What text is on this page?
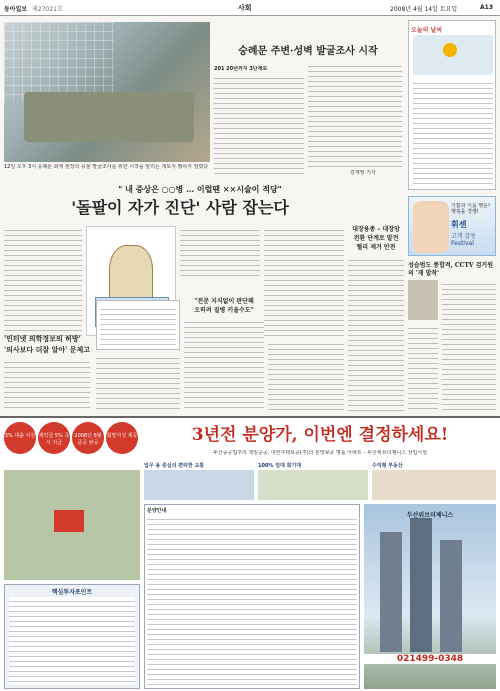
동아일보 제27021호	사회	2008년 4월 14일 토요일	A13
12일 오후 3시 숭례문 화재 현장의 유물 발굴조사를 위한 시작을 알리는 개토식 행사가 열렸다
숭례문 주변·성벽 발굴조사 시작
201 20년까지 3단계로
김재영 기자
오늘의 날씨
" 내 증상은 ○○병 … 이럴땐 ××시술이 적당"
'돌팔이 자가 진단' 사람 잡는다
'인터넷 의학정보의 허방'
'의사보다 더잘 알아' 문제고
"전문 지식없이 판단해
오히려 질병 키울수도"
대장용종 – 대장암
전환 단계로 발견
혈리 제거 안전
기쁨과 이룸 행운! 행복을 경쟁!
휘센
고객 감동 Festival
성습범도 종합적, CCTV 검거원의 '재 발착'
3% 대출 지원 계약금 5% 즉시 지급
2008년 8월 준공 완공
회망지성 제공
핵심투자포인트
3년전 분양가, 이번엔 결정하세요!
두산중공업주의 책임준공, 대한주택보증(주)의 분양보증 명품 아파트 – 두산위브더제니스 상업시설
업무 용 중심의 편리한 교통	100% 임대 회기대	수익형 부동산
분양안내
두산위브더제니스
021499-0348
